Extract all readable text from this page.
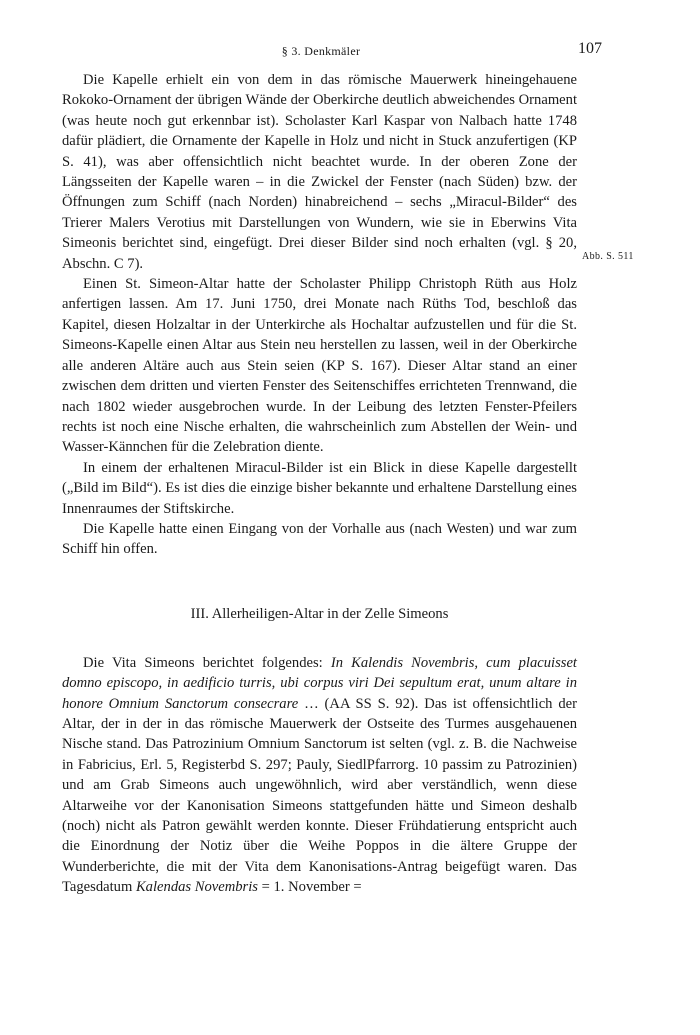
§ 3. Denkmäler	107
Abb. S. 511

Die Kapelle erhielt ein von dem in das römische Mauerwerk hineingehauene Rokoko-Ornament der übrigen Wände der Oberkirche deutlich abweichendes Ornament (was heute noch gut erkennbar ist). Scholaster Karl Kaspar von Nalbach hatte 1748 dafür plädiert, die Ornamente der Kapelle in Holz und nicht in Stuck anzufertigen (KP S. 41), was aber offensichtlich nicht beachtet wurde. In der oberen Zone der Längsseiten der Kapelle waren – in die Zwickel der Fenster (nach Süden) bzw. der Öffnungen zum Schiff (nach Norden) hinabreichend – sechs „Miracul-Bilder“ des Trierer Malers Verotius mit Darstellungen von Wundern, wie sie in Eberwins Vita Simeonis berichtet sind, eingefügt. Drei dieser Bilder sind noch erhalten (vgl. § 20, Abschn. C 7).

Einen St. Simeon-Altar hatte der Scholaster Philipp Christoph Rüth aus Holz anfertigen lassen. Am 17. Juni 1750, drei Monate nach Rüths Tod, beschloß das Kapitel, diesen Holzaltar in der Unterkirche als Hochaltar aufzustellen und für die St. Simeons-Kapelle einen Altar aus Stein neu herstellen zu lassen, weil in der Oberkirche alle anderen Altäre auch aus Stein seien (KP S. 167). Dieser Altar stand an einer zwischen dem dritten und vierten Fenster des Seitenschiffes errichteten Trennwand, die nach 1802 wieder ausgebrochen wurde. In der Leibung des letzten Fenster-Pfeilers rechts ist noch eine Nische erhalten, die wahrscheinlich zum Abstellen der Wein- und Wasser-Kännchen für die Zelebration diente.

In einem der erhaltenen Miracul-Bilder ist ein Blick in diese Kapelle dargestellt („Bild im Bild“). Es ist dies die einzige bisher bekannte und erhaltene Darstellung eines Innenraumes der Stiftskirche.

Die Kapelle hatte einen Eingang von der Vorhalle aus (nach Westen) und war zum Schiff hin offen.

III. Allerheiligen-Altar in der Zelle Simeons

Die Vita Simeons berichtet folgendes: In Kalendis Novembris, cum placuisset domno episcopo, in aedificio turris, ubi corpus viri Dei sepultum erat, unum altare in honore Omnium Sanctorum consecrare … (AA SS S. 92). Das ist offensichtlich der Altar, der in der in das römische Mauerwerk der Ostseite des Turmes ausgehauenen Nische stand. Das Patrozinium Omnium Sanctorum ist selten (vgl. z. B. die Nachweise in Fabricius, Erl. 5, Registerbd S. 297; Pauly, SiedlPfarrorg. 10 passim zu Patrozinien) und am Grab Simeons auch ungewöhnlich, wird aber verständlich, wenn diese Altarweihe vor der Kanonisation Simeons stattgefunden hätte und Simeon deshalb (noch) nicht als Patron gewählt werden konnte. Dieser Frühdatierung entspricht auch die Einordnung der Notiz über die Weihe Poppos in die ältere Gruppe der Wunderberichte, die mit der Vita dem Kanonisations-Antrag beigefügt waren. Das Tagesdatum Kalendas Novembris = 1. November =
